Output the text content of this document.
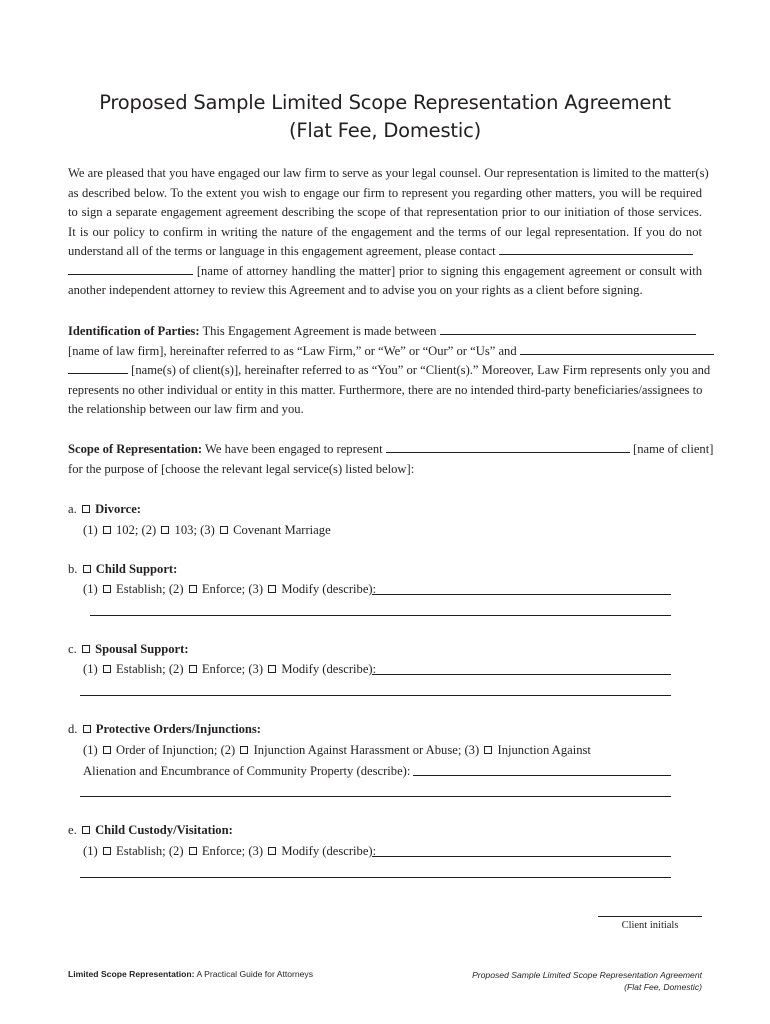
Proposed Sample Limited Scope Representation Agreement
(Flat Fee, Domestic)
We are pleased that you have engaged our law firm to serve as your legal counsel. Our representation is limited to the matter(s)
as described below. To the extent you wish to engage our firm to represent you regarding other matters, you will be required
to sign a separate engagement agreement describing the scope of that representation prior to our initiation of those services.
It is our policy to confirm in writing the nature of the engagement and the terms of our legal representation. If you do not
understand all of the terms or language in this engagement agreement, please contact
[name of attorney handling the matter] prior to signing this engagement agreement or consult with
another independent attorney to review this Agreement and to advise you on your rights as a client before signing.
Identification of Parties: This Engagement Agreement is made between
[name of law firm], hereinafter referred to as “Law Firm,” or “We” or “Our” or “Us” and
[name(s) of client(s)], hereinafter referred to as “You” or “Client(s).” Moreover, Law Firm represents only you and
represents no other individual or entity in this matter. Furthermore, there are no intended third-party beneficiaries/assignees to
the relationship between our law firm and you.
Scope of Representation: We have been engaged to represent	[name of client]
for the purpose of [choose the relevant legal service(s) listed below]:
a. Divorce:
(1) 102; (2) 103; (3) Covenant Marriage
b. Child Support:
(1) Establish; (2) Enforce; (3) Modify (describe):
c. Spousal Support:
(1) Establish; (2) Enforce; (3) Modify (describe):
d. Protective Orders/Injunctions:
(1) Order of Injunction; (2) Injunction Against Harassment or Abuse; (3) Injunction Against
Alienation and Encumbrance of Community Property (describe):
e. Child Custody/Visitation:
(1) Establish; (2) Enforce; (3) Modify (describe):
Client initials
Limited Scope Representation: A Practical Guide for Attorneys	Proposed Sample Limited Scope Representation Agreement
(Flat Fee, Domestic)
